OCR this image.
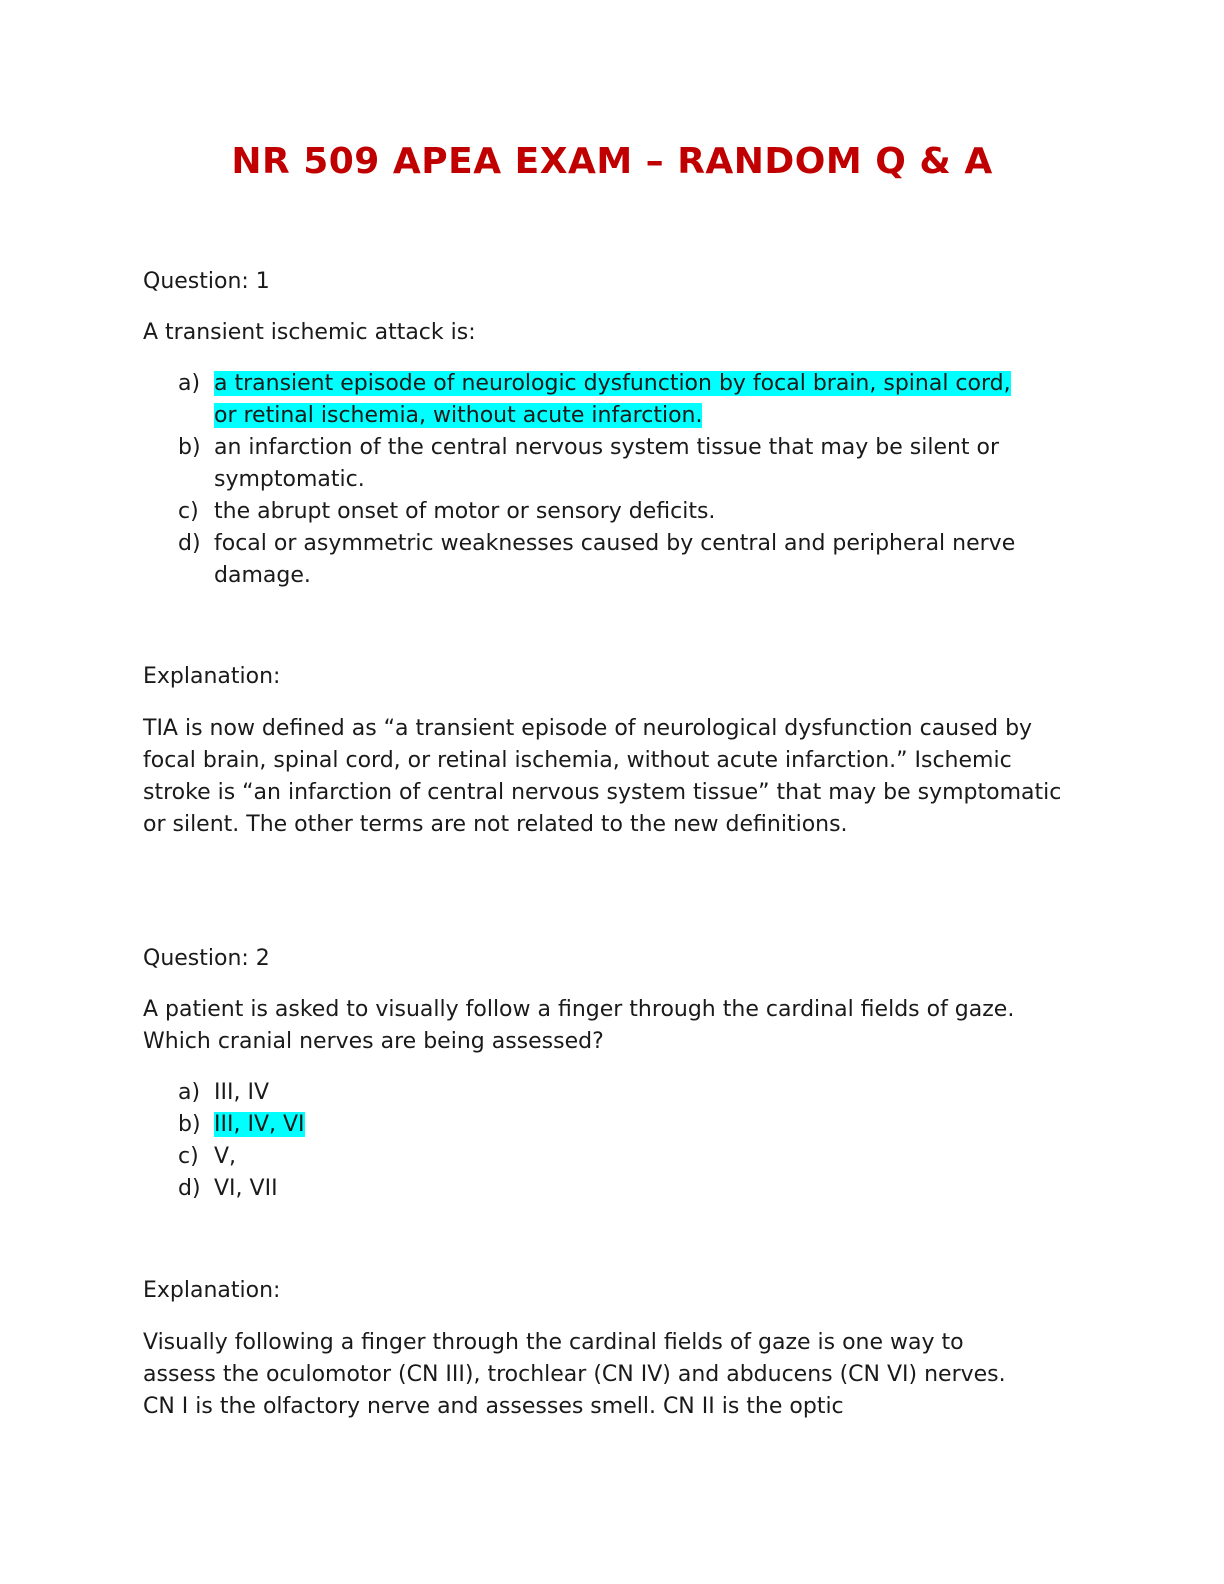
NR 509 APEA EXAM – RANDOM Q & A
Question: 1
A transient ischemic attack is:
a) a transient episode of neurologic dysfunction by focal brain, spinal cord, or retinal ischemia, without acute infarction.
b) an infarction of the central nervous system tissue that may be silent or symptomatic.
c) the abrupt onset of motor or sensory deficits.
d) focal or asymmetric weaknesses caused by central and peripheral nerve damage.
Explanation:
TIA is now defined as “a transient episode of neurological dysfunction caused by focal brain, spinal cord, or retinal ischemia, without acute infarction.” Ischemic stroke is “an infarction of central nervous system tissue” that may be symptomatic or silent. The other terms are not related to the new definitions.
Question: 2
A patient is asked to visually follow a finger through the cardinal fields of gaze. Which cranial nerves are being assessed?
a) III, IV
b) III, IV, VI
c) V,
d) VI, VII
Explanation:
Visually following a finger through the cardinal fields of gaze is one way to assess the oculomotor (CN III), trochlear (CN IV) and abducens (CN VI) nerves. CN I is the olfactory nerve and assesses smell. CN II is the optic
